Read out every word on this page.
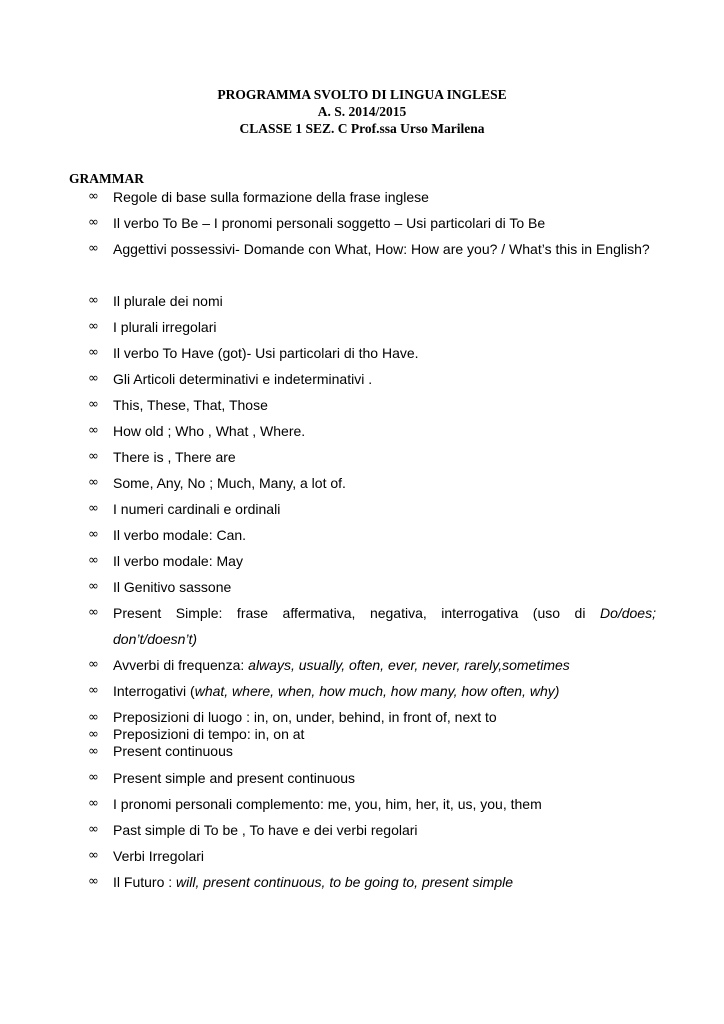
PROGRAMMA SVOLTO DI LINGUA INGLESE
A. S. 2014/2015
CLASSE 1 SEZ. C Prof.ssa Urso Marilena
GRAMMAR
∞	Regole di base sulla formazione della frase inglese
∞	Il verbo To Be – I pronomi personali soggetto – Usi particolari di To Be
∞	Aggettivi possessivi- Domande con What, How: How are you? / What’s this in English?
∞	Il plurale dei nomi
∞	I plurali irregolari
∞	Il verbo To Have (got)- Usi particolari di tho Have.
∞	Gli Articoli determinativi e indeterminativi .
∞	This, These, That, Those
∞	How old ; Who , What , Where.
∞	There is , There are
∞	Some, Any, No ; Much, Many, a lot of.
∞	I numeri cardinali e ordinali
∞	Il verbo modale: Can.
∞	Il verbo modale: May
∞	Il Genitivo sassone
∞	Present Simple: frase affermativa, negativa, interrogativa (uso di Do/does; don’t/doesn’t)
∞	Avverbi di frequenza: always, usually, often, ever, never, rarely,sometimes
∞	Interrogativi (what, where, when, how much, how many, how often, why)
∞	Preposizioni di luogo : in, on, under, behind, in front of, next to
∞	Preposizioni di tempo: in, on at
∞	Present continuous
∞	Present simple and present continuous
∞	I pronomi personali complemento: me, you, him, her, it, us, you, them
∞	Past simple di To be , To have e dei verbi regolari
∞	Verbi Irregolari
∞	Il Futuro : will, present continuous, to be going to, present simple
